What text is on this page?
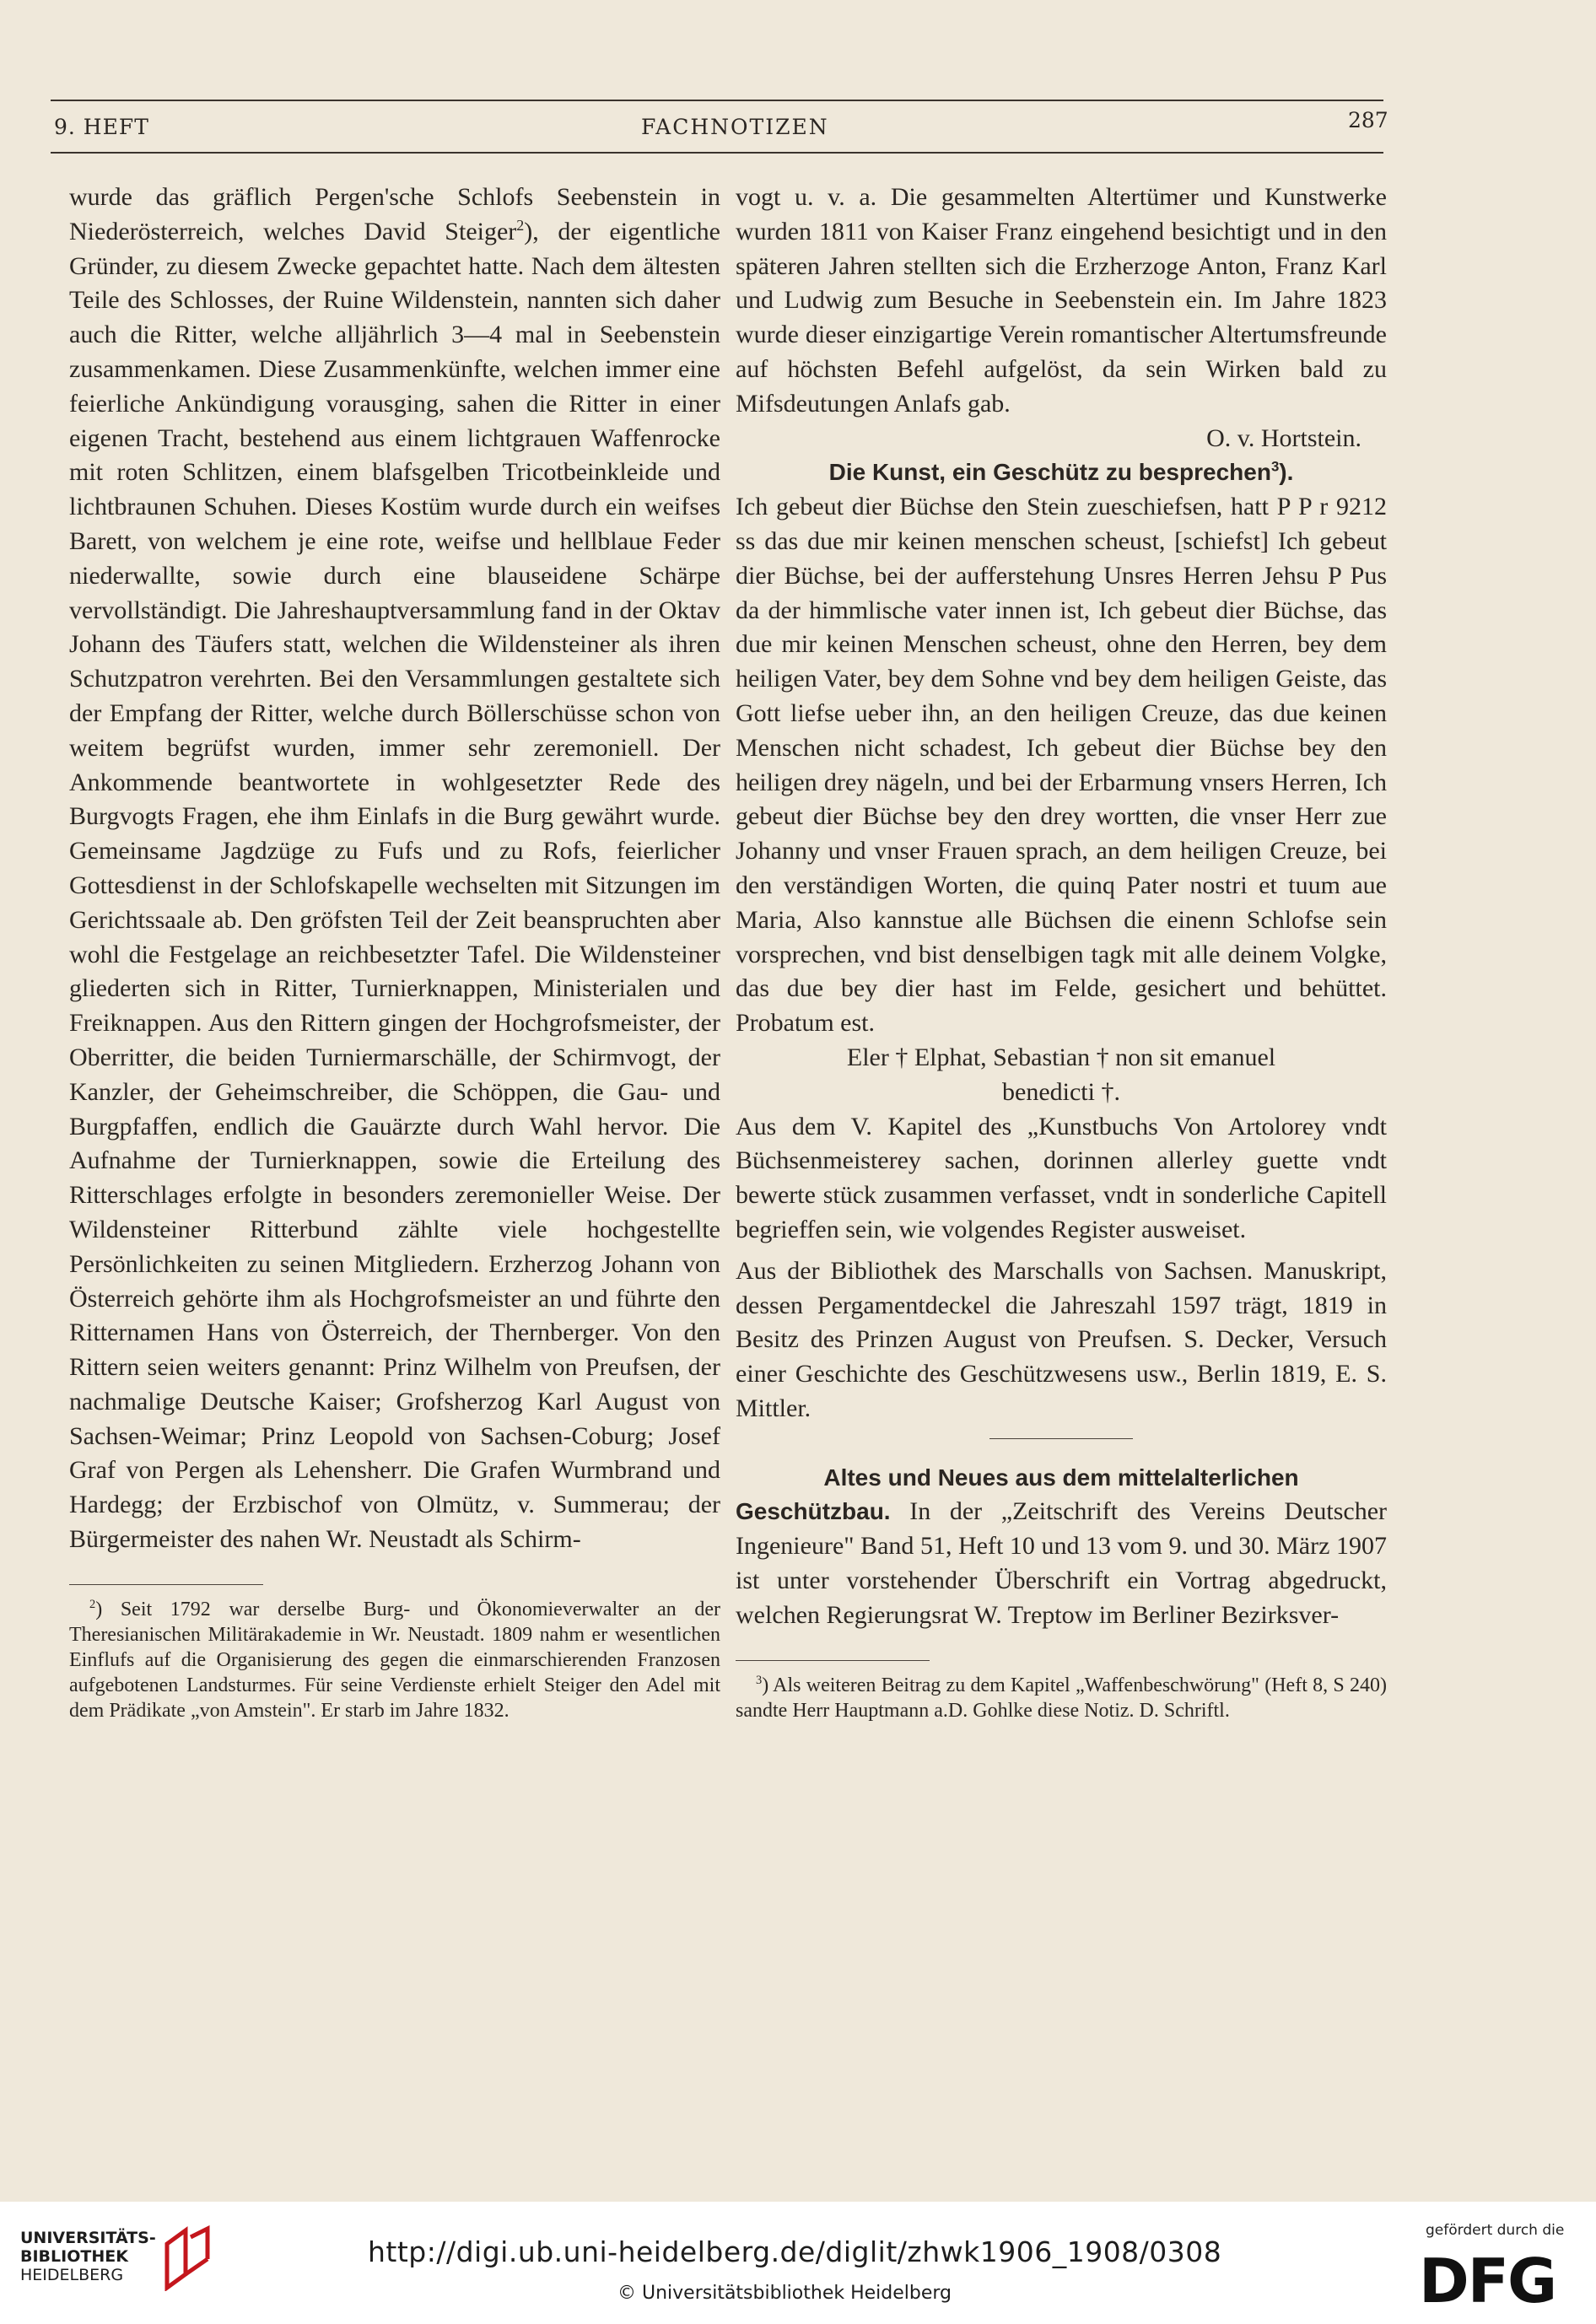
9. HEFT	FACHNOTIZEN	287

wurde das gräflich Pergen'sche Schlofs Seebenstein in Niederösterreich, welches David Steiger$^2$), der eigentliche Gründer, zu diesem Zwecke gepachtet hatte. Nach dem ältesten Teile des Schlosses, der Ruine Wildenstein, nannten sich daher auch die Ritter, welche alljährlich 3—4 mal in Seebenstein zusammenkamen. Diese Zusammenkünfte, welchen immer eine feierliche Ankündigung vorausging, sahen die Ritter in einer eigenen Tracht, bestehend aus einem lichtgrauen Waffenrocke mit roten Schlitzen, einem blafsgelben Tricotbeinkleide und lichtbraunen Schuhen. Dieses Kostüm wurde durch ein weifses Barett, von welchem je eine rote, weifse und hellblaue Feder niederwallte, sowie durch eine blauseidene Schärpe vervollständigt. Die Jahreshauptversammlung fand in der Oktav Johann des Täufers statt, welchen die Wildensteiner als ihren Schutzpatron verehrten. Bei den Versammlungen gestaltete sich der Empfang der Ritter, welche durch Böllerschüsse schon von weitem begrüfst wurden, immer sehr zeremoniell. Der Ankommende beantwortete in wohlgesetzter Rede des Burgvogts Fragen, ehe ihm Einlafs in die Burg gewährt wurde. Gemeinsame Jagdzüge zu Fufs und zu Rofs, feierlicher Gottesdienst in der Schlofskapelle wechselten mit Sitzungen im Gerichtssaale ab. Den gröfsten Teil der Zeit beanspruchten aber wohl die Festgelage an reichbesetzter Tafel. Die Wildensteiner gliederten sich in Ritter, Turnierknappen, Ministerialen und Freiknappen. Aus den Rittern gingen der Hochgrofsmeister, der Oberritter, die beiden Turniermarschälle, der Schirmvogt, der Kanzler, der Geheimschreiber, die Schöppen, die Gau- und Burgpfaffen, endlich die Gauärzte durch Wahl hervor. Die Aufnahme der Turnierknappen, sowie die Erteilung des Ritterschlages erfolgte in besonders zeremonieller Weise. Der Wildensteiner Ritterbund zählte viele hochgestellte Persönlichkeiten zu seinen Mitgliedern. Erzherzog Johann von Österreich gehörte ihm als Hochgrofsmeister an und führte den Ritternamen Hans von Österreich, der Thernberger. Von den Rittern seien weiters genannt: Prinz Wilhelm von Preufsen, der nachmalige Deutsche Kaiser; Grofsherzog Karl August von Sachsen-Weimar; Prinz Leopold von Sachsen-Coburg; Josef Graf von Pergen als Lehensherr. Die Grafen Wurmbrand und Hardegg; der Erzbischof von Olmütz, v. Summerau; der Bürgermeister des nahen Wr. Neustadt als Schirm-

$^2$) Seit 1792 war derselbe Burg- und Ökonomieverwalter an der Theresianischen Militärakademie in Wr. Neustadt. 1809 nahm er wesentlichen Einflufs auf die Organisierung des gegen die einmarschierenden Franzosen aufgebotenen Landsturmes. Für seine Verdienste erhielt Steiger den Adel mit dem Prädikate „von Amstein". Er starb im Jahre 1832.

vogt u. v. a. Die gesammelten Altertümer und Kunstwerke wurden 1811 von Kaiser Franz eingehend besichtigt und in den späteren Jahren stellten sich die Erzherzoge Anton, Franz Karl und Ludwig zum Besuche in Seebenstein ein. Im Jahre 1823 wurde dieser einzigartige Verein romantischer Altertumsfreunde auf höchsten Befehl aufgelöst, da sein Wirken bald zu Mifsdeutungen Anlafs gab.

O. v. Hortstein.

Die Kunst, ein Geschütz zu besprechen$^3$).

Ich gebeut dier Büchse den Stein zueschiefsen, hatt P P r 9212 ss das due mir keinen menschen scheust, [schiefst] Ich gebeut dier Büchse, bei der aufferstehung Unsres Herren Jehsu P Pus da der himmlische vater innen ist, Ich gebeut dier Büchse, das due mir keinen Menschen scheust, ohne den Herren, bey dem heiligen Vater, bey dem Sohne vnd bey dem heiligen Geiste, das Gott liefse ueber ihn, an den heiligen Creuze, das due keinen Menschen nicht schadest, Ich gebeut dier Büchse bey den heiligen drey nägeln, und bei der Erbarmung vnsers Herren, Ich gebeut dier Büchse bey den drey wortten, die vnser Herr zue Johanny und vnser Frauen sprach, an dem heiligen Creuze, bei den verständigen Worten, die quinq Pater nostri et tuum aue Maria, Also kannstue alle Büchsen die einenn Schlofse sein vorsprechen, vnd bist denselbigen tagk mit alle deinem Volgke, das due bey dier hast im Felde, gesichert und behüttet. Probatum est.

Eler † Elphat, Sebastian † non sit emanuel

benedicti †.

Aus dem V. Kapitel des „Kunstbuchs Von Artolorey vndt Büchsenmeisterey sachen, dorinnen allerley guette vndt bewerte stück zusammen verfasset, vndt in sonderliche Capitell begrieffen sein, wie volgendes Register ausweiset.

Aus der Bibliothek des Marschalls von Sachsen. Manuskript, dessen Pergamentdeckel die Jahreszahl 1597 trägt, 1819 in Besitz des Prinzen August von Preufsen. S. Decker, Versuch einer Geschichte des Geschützwesens usw., Berlin 1819, E. S. Mittler.

Altes und Neues aus dem mittelalterlichen

Geschützbau. In der „Zeitschrift des Vereins Deutscher Ingenieure" Band 51, Heft 10 und 13 vom 9. und 30. März 1907 ist unter vorstehender Überschrift ein Vortrag abgedruckt, welchen Regierungsrat W. Treptow im Berliner Bezirksver-

$^3$) Als weiteren Beitrag zu dem Kapitel „Waffenbeschwörung" (Heft 8, S 240) sandte Herr Hauptmann a.D. Gohlke diese Notiz. D. Schriftl.

UNIVERSITÄTS-
BIBLIOTHEK
HEIDELBERG
http://digi.ub.uni-heidelberg.de/diglit/zhwk1906_1908/0308
© Universitätsbibliothek Heidelberg
gefördert durch die
DFG
